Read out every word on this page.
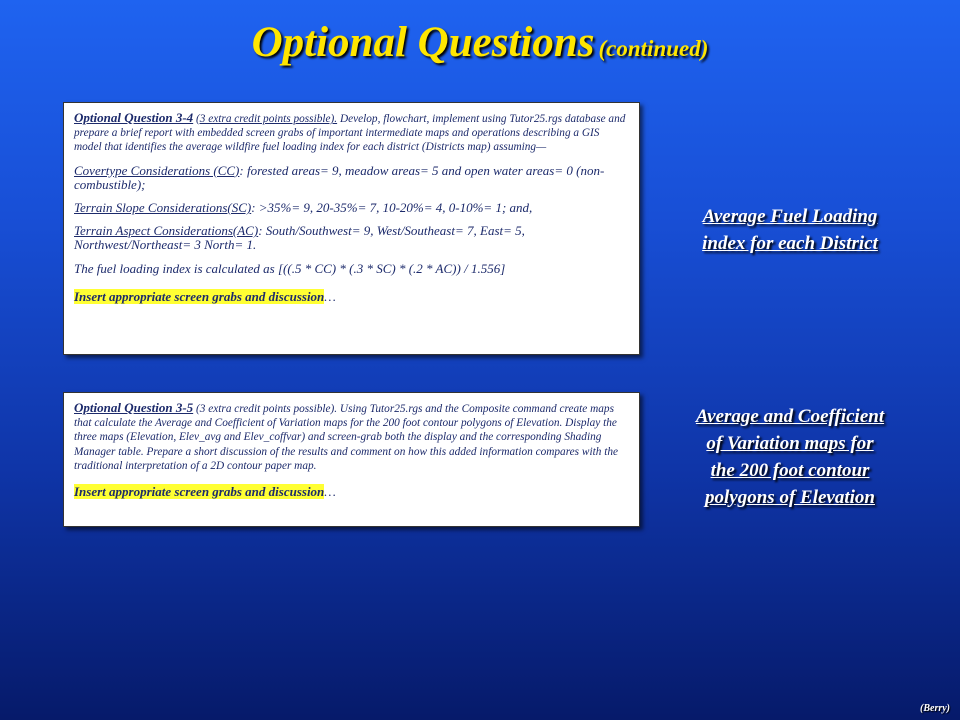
Optional Questions (continued)

Optional Question 3-4 (3 extra credit points possible). Develop, flowchart, implement using Tutor25.rgs database and prepare a brief report with embedded screen grabs of important intermediate maps and operations describing a GIS model that identifies the average wildfire fuel loading index for each district (Districts map) assuming—

Covertype Considerations (CC): forested areas= 9, meadow areas= 5 and open water areas= 0 (non-combustible);

Terrain Slope Considerations(SC): >35%= 9, 20-35%= 7, 10-20%= 4, 0-10%= 1; and,

Terrain Aspect Considerations(AC): South/Southwest= 9, West/Southeast= 7, East= 5, Northwest/Northeast= 3 North= 1.

The fuel loading index is calculated as [((.5 * CC) * (.3 * SC) * (.2 * AC)) / 1.556]

Insert appropriate screen grabs and discussion…

Average Fuel Loading
index for each District

Optional Question 3-5 (3 extra credit points possible). Using Tutor25.rgs and the Composite command create maps that calculate the Average and Coefficient of Variation maps for the 200 foot contour polygons of Elevation. Display the three maps (Elevation, Elev_avg and Elev_coffvar) and screen-grab both the display and the corresponding Shading Manager table. Prepare a short discussion of the results and comment on how this added information compares with the traditional interpretation of a 2D contour paper map.

Insert appropriate screen grabs and discussion…

Average and Coefficient
of Variation maps for
the 200 foot contour
polygons of Elevation
(Berry)
